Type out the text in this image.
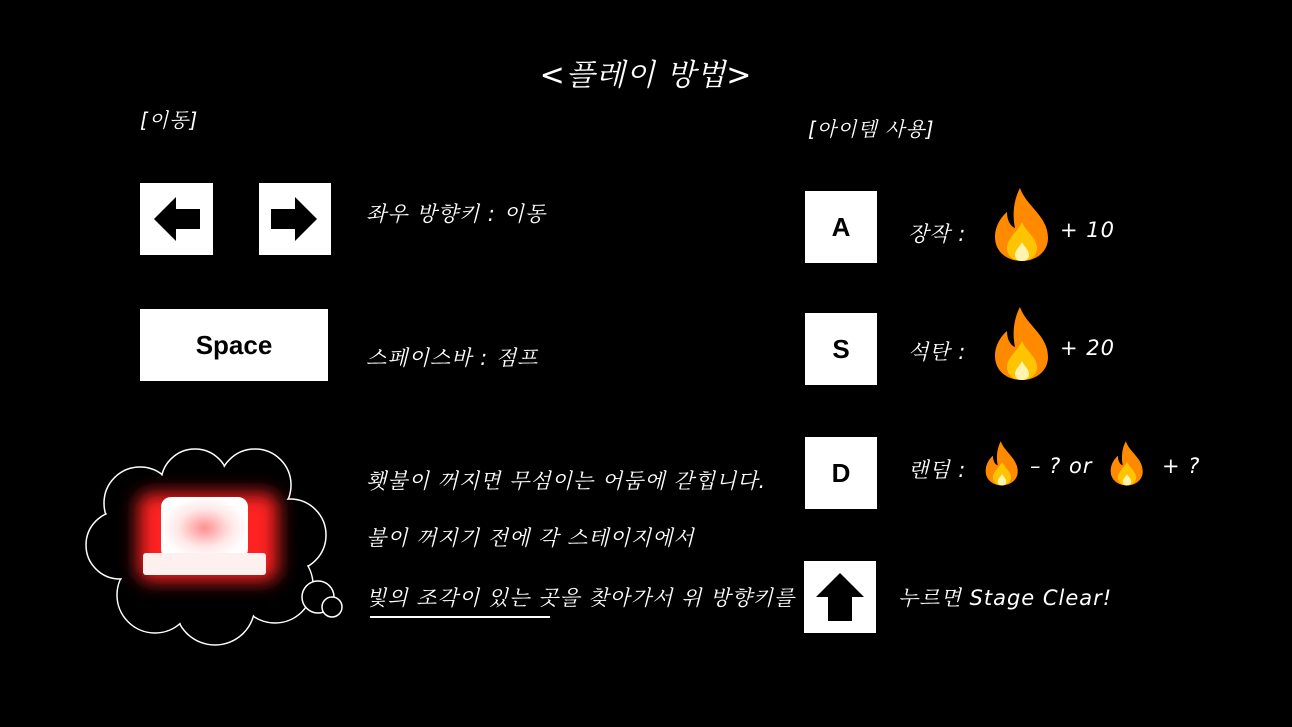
<플레이 방법>
[이동]
좌우 방향키 : 이동
Space	스페이스바 : 점프
횃불이 꺼지면 무섬이는 어둠에 갇힙니다.
불이 꺼지기 전에 각 스테이지에서
빛의 조각이 있는 곳을 찾아가서 위 방향키를
[아이템 사용]
A	장작 :	+ 10
S	석탄 :	+ 20
D	랜덤 :	– ? or	+ ?
누르면 Stage Clear!
